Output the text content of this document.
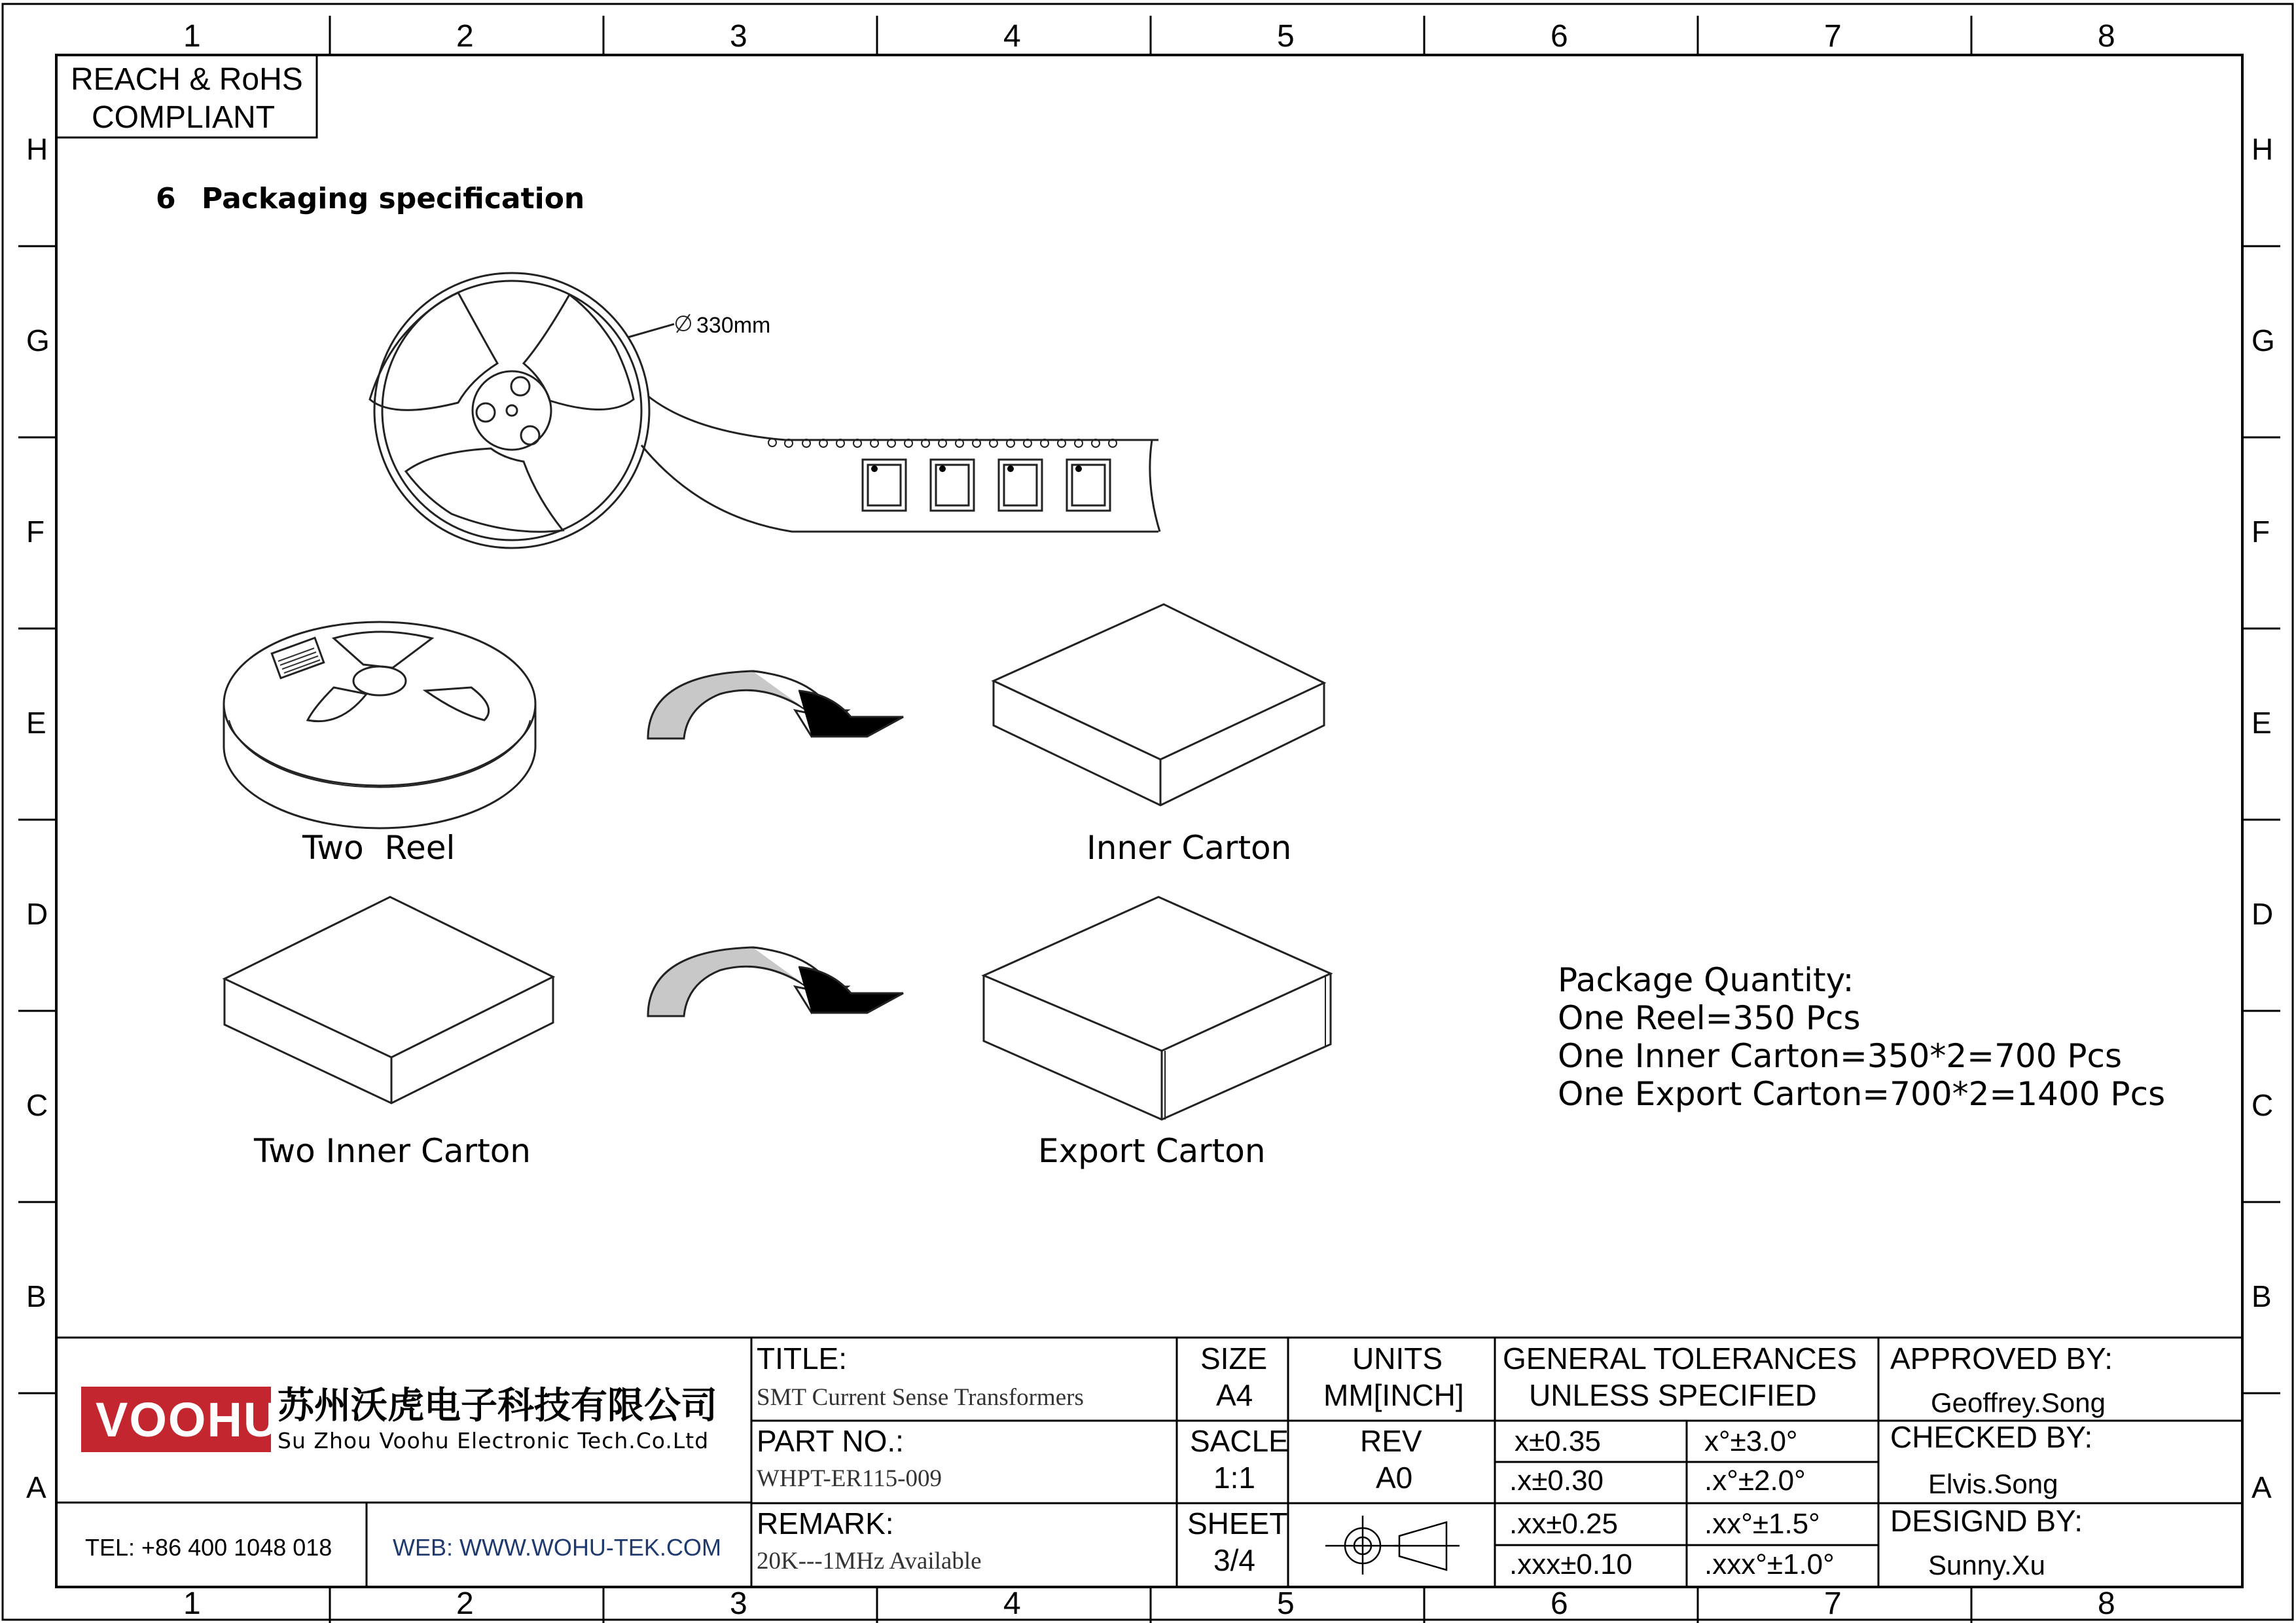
1	2	3	4	5	6	7	8
1	2	3	4	5	6	7	8
H
G
F
E
D
C
B
A
H
G
F
E
D
C
B
A
REACH & RoHS
COMPLIANT
6 Packaging specification
330mm
Two  Reel	Inner Carton
Two Inner Carton	Export Carton
Package Quantity:
One Reel=350 Pcs
One Inner Carton=350*2=700 Pcs
One Export Carton=700*2=1400 Pcs
VOOHU
苏州沃虎电子科技有限公司
Su Zhou Voohu Electronic Tech.Co.Ltd
TEL: +86 400 1048 018	WEB: WWW.WOHU-TEK.COM
TITLE:
SMT Current Sense Transformers
PART NO.:
WHPT-ER115-009
REMARK:
20K---1MHz Available
SIZE
A4
SACLE
1:1
SHEET
3/4
UNITS
MM[INCH]
REV
A0
GENERAL TOLERANCES
UNLESS SPECIFIED
x±0.35	x°±3.0°
.x±0.30	.x°±2.0°
.xx±0.25	.xx°±1.5°
.xxx±0.10 .xxx°±1.0°
APPROVED BY:
Geoffrey.Song
CHECKED BY:
Elvis.Song
DESIGND BY:
Sunny.Xu
